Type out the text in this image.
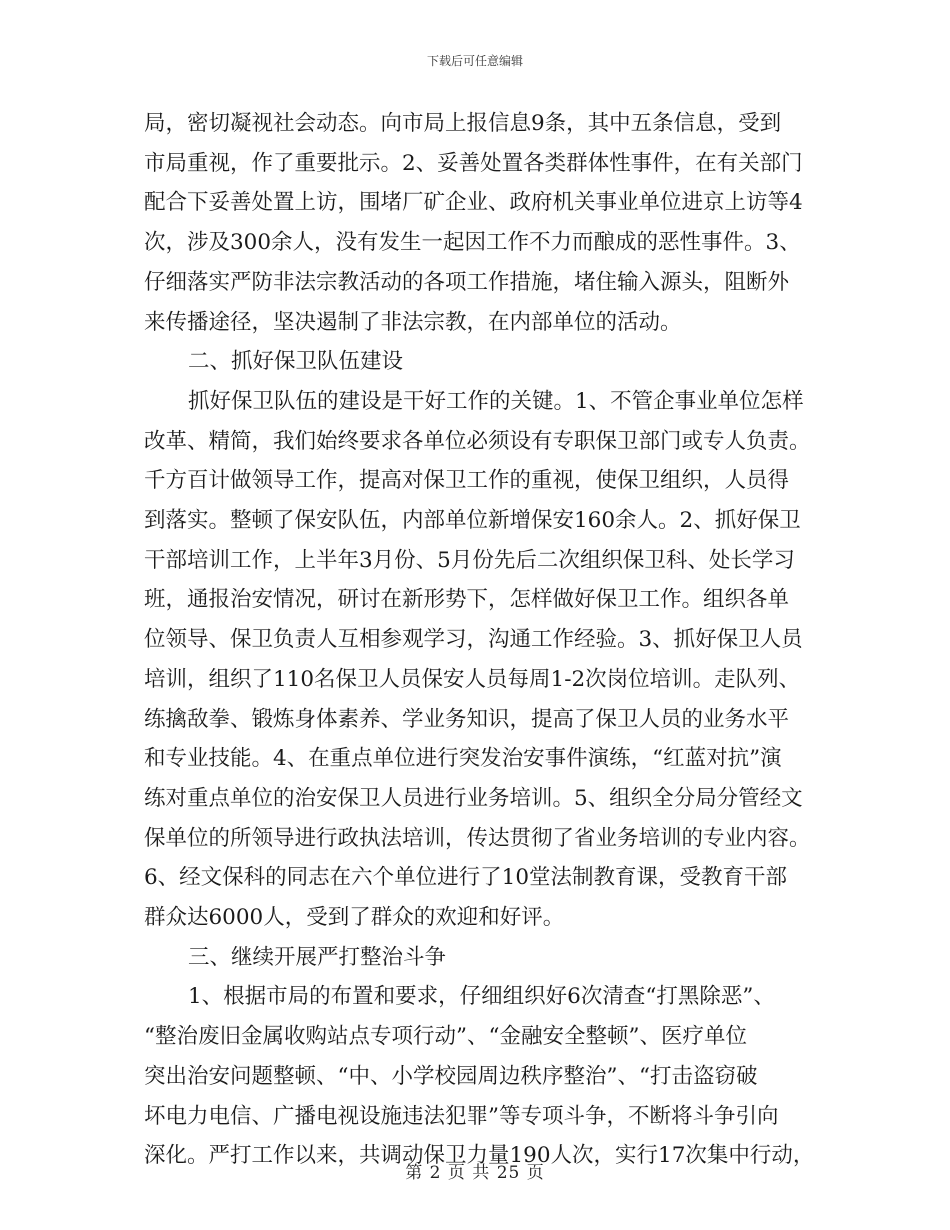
下载后可任意编辑
局，密切凝视社会动态。向市局上报信息9条，其中五条信息，受到
市局重视，作了重要批示。2、妥善处置各类群体性事件，在有关部门
配合下妥善处置上访，围堵厂矿企业、政府机关事业单位进京上访等4
次，涉及300余人，没有发生一起因工作不力而酿成的恶性事件。3、
仔细落实严防非法宗教活动的各项工作措施，堵住输入源头，阻断外
来传播途径，坚决遏制了非法宗教，在内部单位的活动。
二、抓好保卫队伍建设
抓好保卫队伍的建设是干好工作的关键。1、不管企事业单位怎样
改革、精简，我们始终要求各单位必须设有专职保卫部门或专人负责。
千方百计做领导工作，提高对保卫工作的重视，使保卫组织，人员得
到落实。整顿了保安队伍，内部单位新增保安160余人。2、抓好保卫
干部培训工作，上半年3月份、5月份先后二次组织保卫科、处长学习
班，通报治安情况，研讨在新形势下，怎样做好保卫工作。组织各单
位领导、保卫负责人互相参观学习，沟通工作经验。3、抓好保卫人员
培训，组织了110名保卫人员保安人员每周1-2次岗位培训。走队列、
练擒敌拳、锻炼身体素养、学业务知识，提高了保卫人员的业务水平
和专业技能。4、在重点单位进行突发治安事件演练，“红蓝对抗”演
练对重点单位的治安保卫人员进行业务培训。5、组织全分局分管经文
保单位的所领导进行政执法培训，传达贯彻了省业务培训的专业内容。
6、经文保科的同志在六个单位进行了10堂法制教育课，受教育干部
群众达6000人，受到了群众的欢迎和好评。
三、继续开展严打整治斗争
1、根据市局的布置和要求，仔细组织好6次清查“打黑除恶”、
“整治废旧金属收购站点专项行动”、“金融安全整顿”、医疗单位
突出治安问题整顿、“中、小学校园周边秩序整治”、“打击盗窃破
坏电力电信、广播电视设施违法犯罪”等专项斗争，不断将斗争引向
深化。严打工作以来，共调动保卫力量190人次，实行17次集中行动，
第 2 页 共 25 页
